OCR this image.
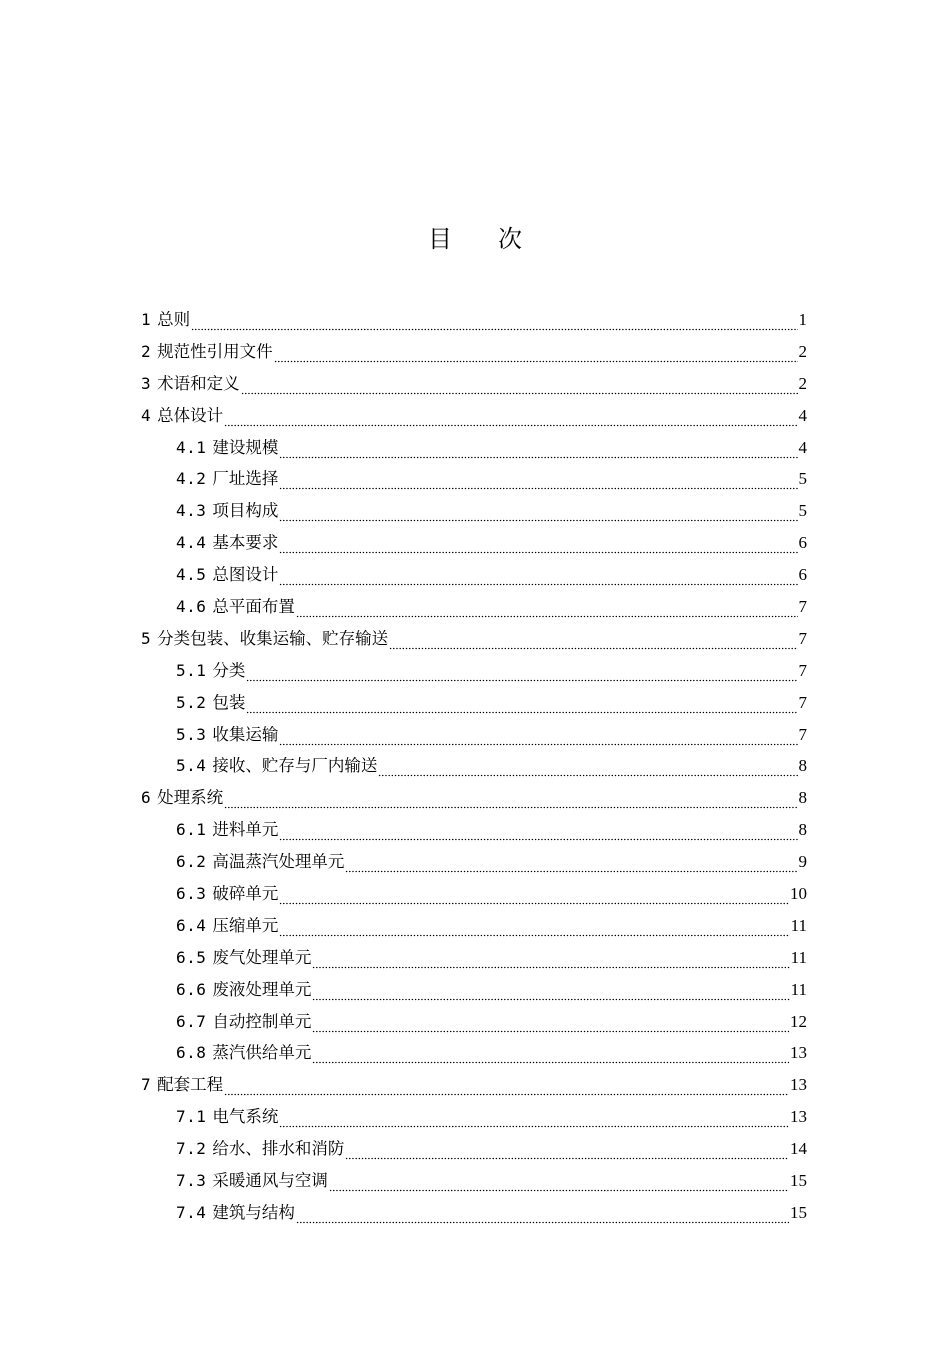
目 次
1 总则	1
2 规范性引用文件	2
3 术语和定义	2
4 总体设计	4
4.1 建设规模	4
4.2 厂址选择	5
4.3 项目构成	5
4.4 基本要求	6
4.5 总图设计	6
4.6 总平面布置	7
5 分类包装、收集运输、贮存输送	7
5.1 分类	7
5.2 包装	7
5.3 收集运输	7
5.4 接收、贮存与厂内输送	8
6 处理系统	8
6.1 进料单元	8
6.2 高温蒸汽处理单元	9
6.3 破碎单元	10
6.4 压缩单元	11
6.5 废气处理单元	11
6.6 废液处理单元	11
6.7 自动控制单元	12
6.8 蒸汽供给单元	13
7 配套工程	13
7.1 电气系统	13
7.2 给水、排水和消防	14
7.3 采暖通风与空调	15
7.4 建筑与结构	15
